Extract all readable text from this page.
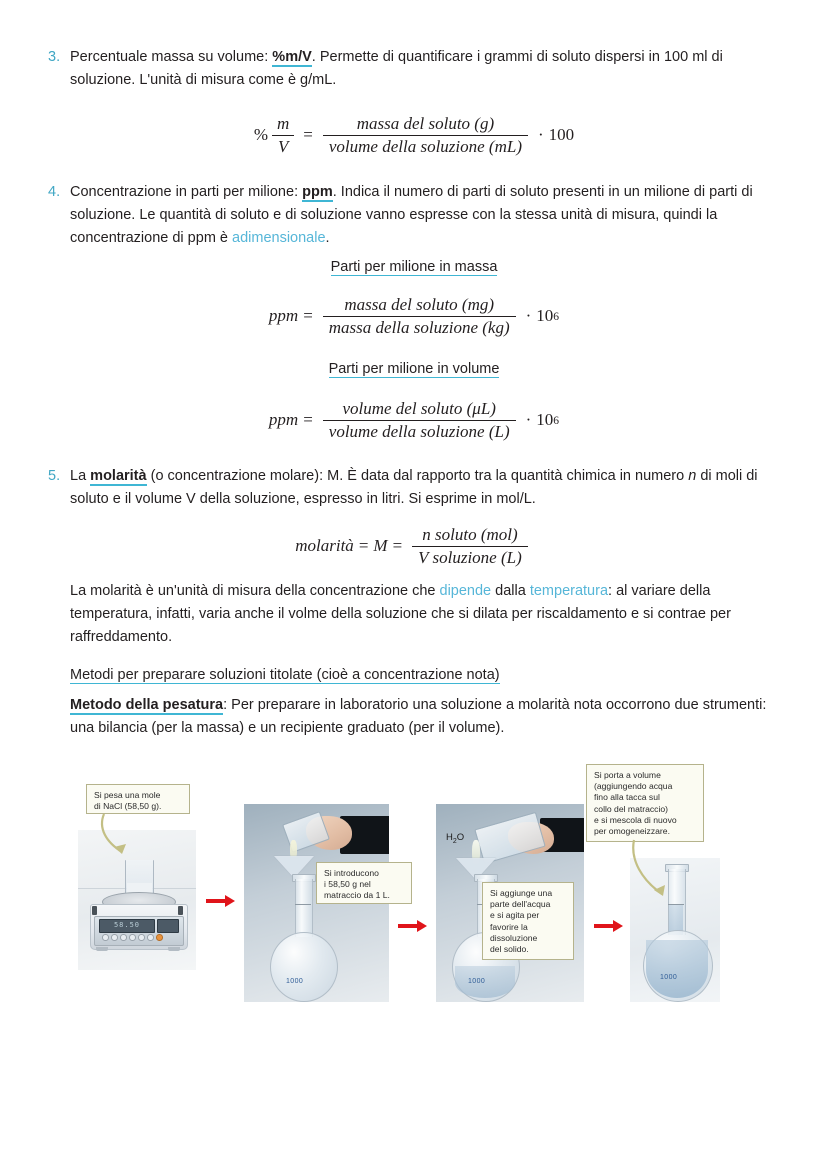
3. Percentuale massa su volume: %m/V. Permette di quantificare i grammi di soluto dispersi in 100 ml di soluzione. L'unità di misura come è g/mL.
% $\frac{m}{V} = \frac{\text{massa del soluto (g)}}{\text{volume della soluzione (mL)}} \cdot 100$
4. Concentrazione in parti per milione: ppm. Indica il numero di parti di soluto presenti in un milione di parti di soluzione. Le quantità di soluto e di soluzione vanno espresse con la stessa unità di misura, quindi la concentrazione di ppm è adimensionale.
Parti per milione in massa
ppm = $\frac{\text{massa del soluto (mg)}}{\text{massa della soluzione (kg)}} \cdot 10$ 6
Parti per milione in volume
ppm = $\frac{\text{volume del soluto (μL)}}{\text{volume della soluzione (L)}} \cdot 10$ 6
5. La molarità (o concentrazione molare): M. È data dal rapporto tra la quantità chimica in numero n di moli di soluto e il volume V della soluzione, espresso in litri. Si esprime in mol/L.
molarità = $M = \frac{\text{n soluto (mol)}}{\text{V soluzione (L)}}$
La molarità è un'unità di misura della concentrazione che dipende dalla temperatura: al variare della temperatura, infatti, varia anche il volme della soluzione che si dilata per riscaldamento e si contrae per raffreddamento.
Metodi per preparare soluzioni titolate (cioè a concentrazione nota)
Metodo della pesatura: Per preparare in laboratorio una soluzione a molarità nota occorrono due strumenti: una bilancia (per la massa) e un recipiente graduato (per il volume).
58.50
Si pesa una mole
di NaCl (58,50 g).
1000
Si introducono
i 58,50 g nel
matraccio da 1 L.
$H_2O$
1000
Si aggiunge una
parte dell'acqua
e si agita per
favorire la
dissoluzione
del solido.
1000
Si porta a volume
(aggiungendo acqua
fino alla tacca sul
collo del matraccio)
e si mescola di nuovo
per omogeneizzare.
